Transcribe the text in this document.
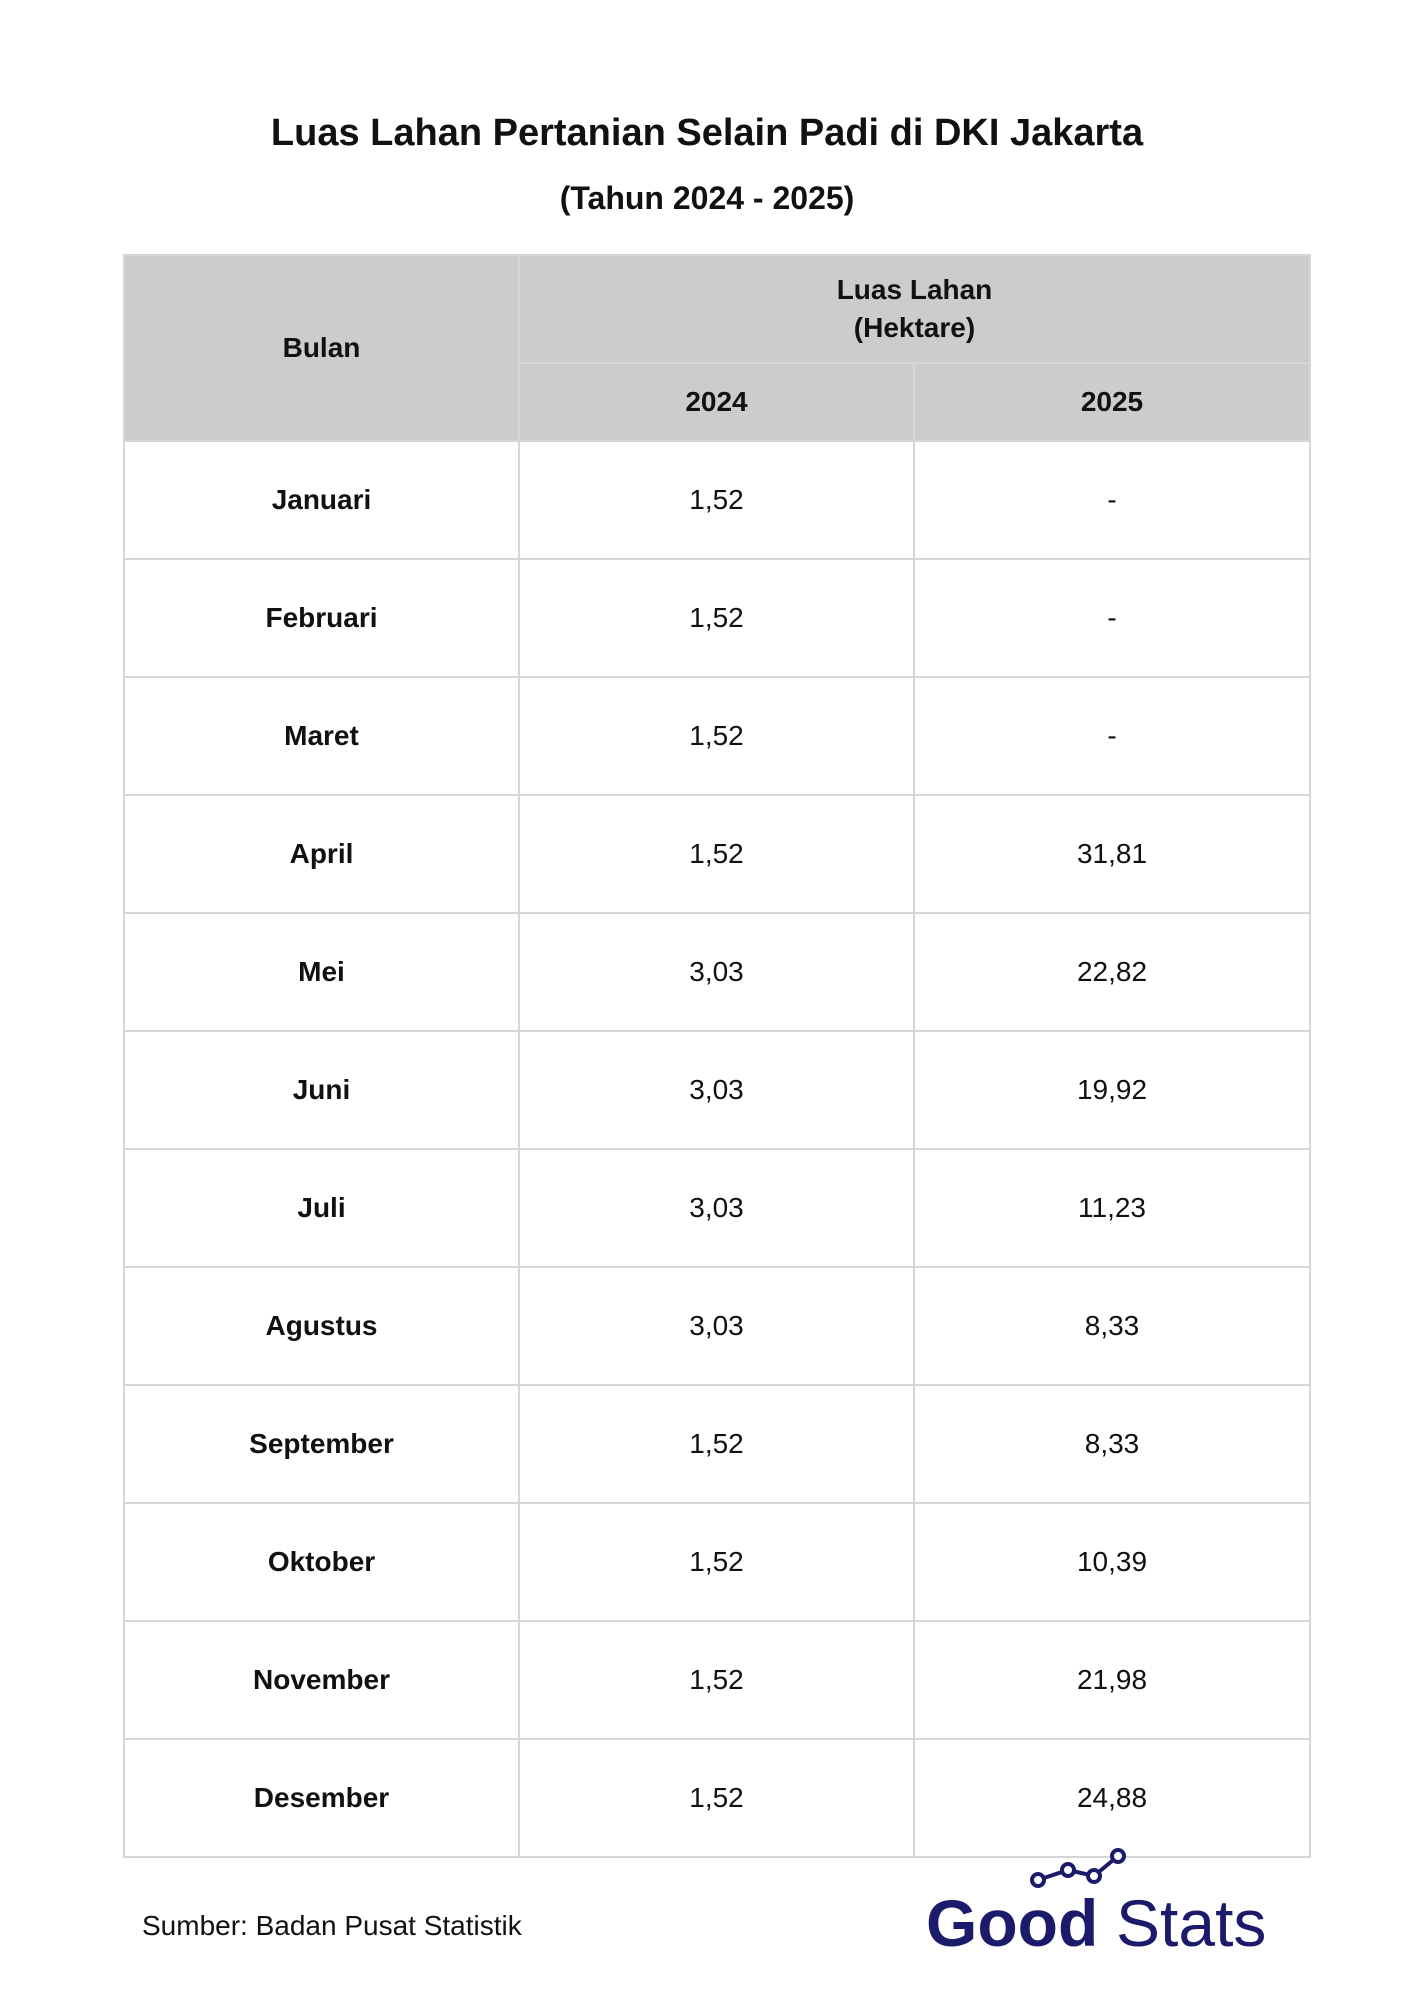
Luas Lahan Pertanian Selain Padi di DKI Jakarta
(Tahun 2024 - 2025)
Bulan	Luas Lahan
(Hektare)	
	2024	2025
Januari	1,52	-
Februari	1,52	-
Maret	1,52	-
April	1,52	31,81
Mei	3,03	22,82
Juni	3,03	19,92
Juli	3,03	11,23
Agustus	3,03	8,33
September	1,52	8,33
Oktober	1,52	10,39
November	1,52	21,98
Desember	1,52	24,88
Sumber: Badan Pusat Statistik	Good Stats
